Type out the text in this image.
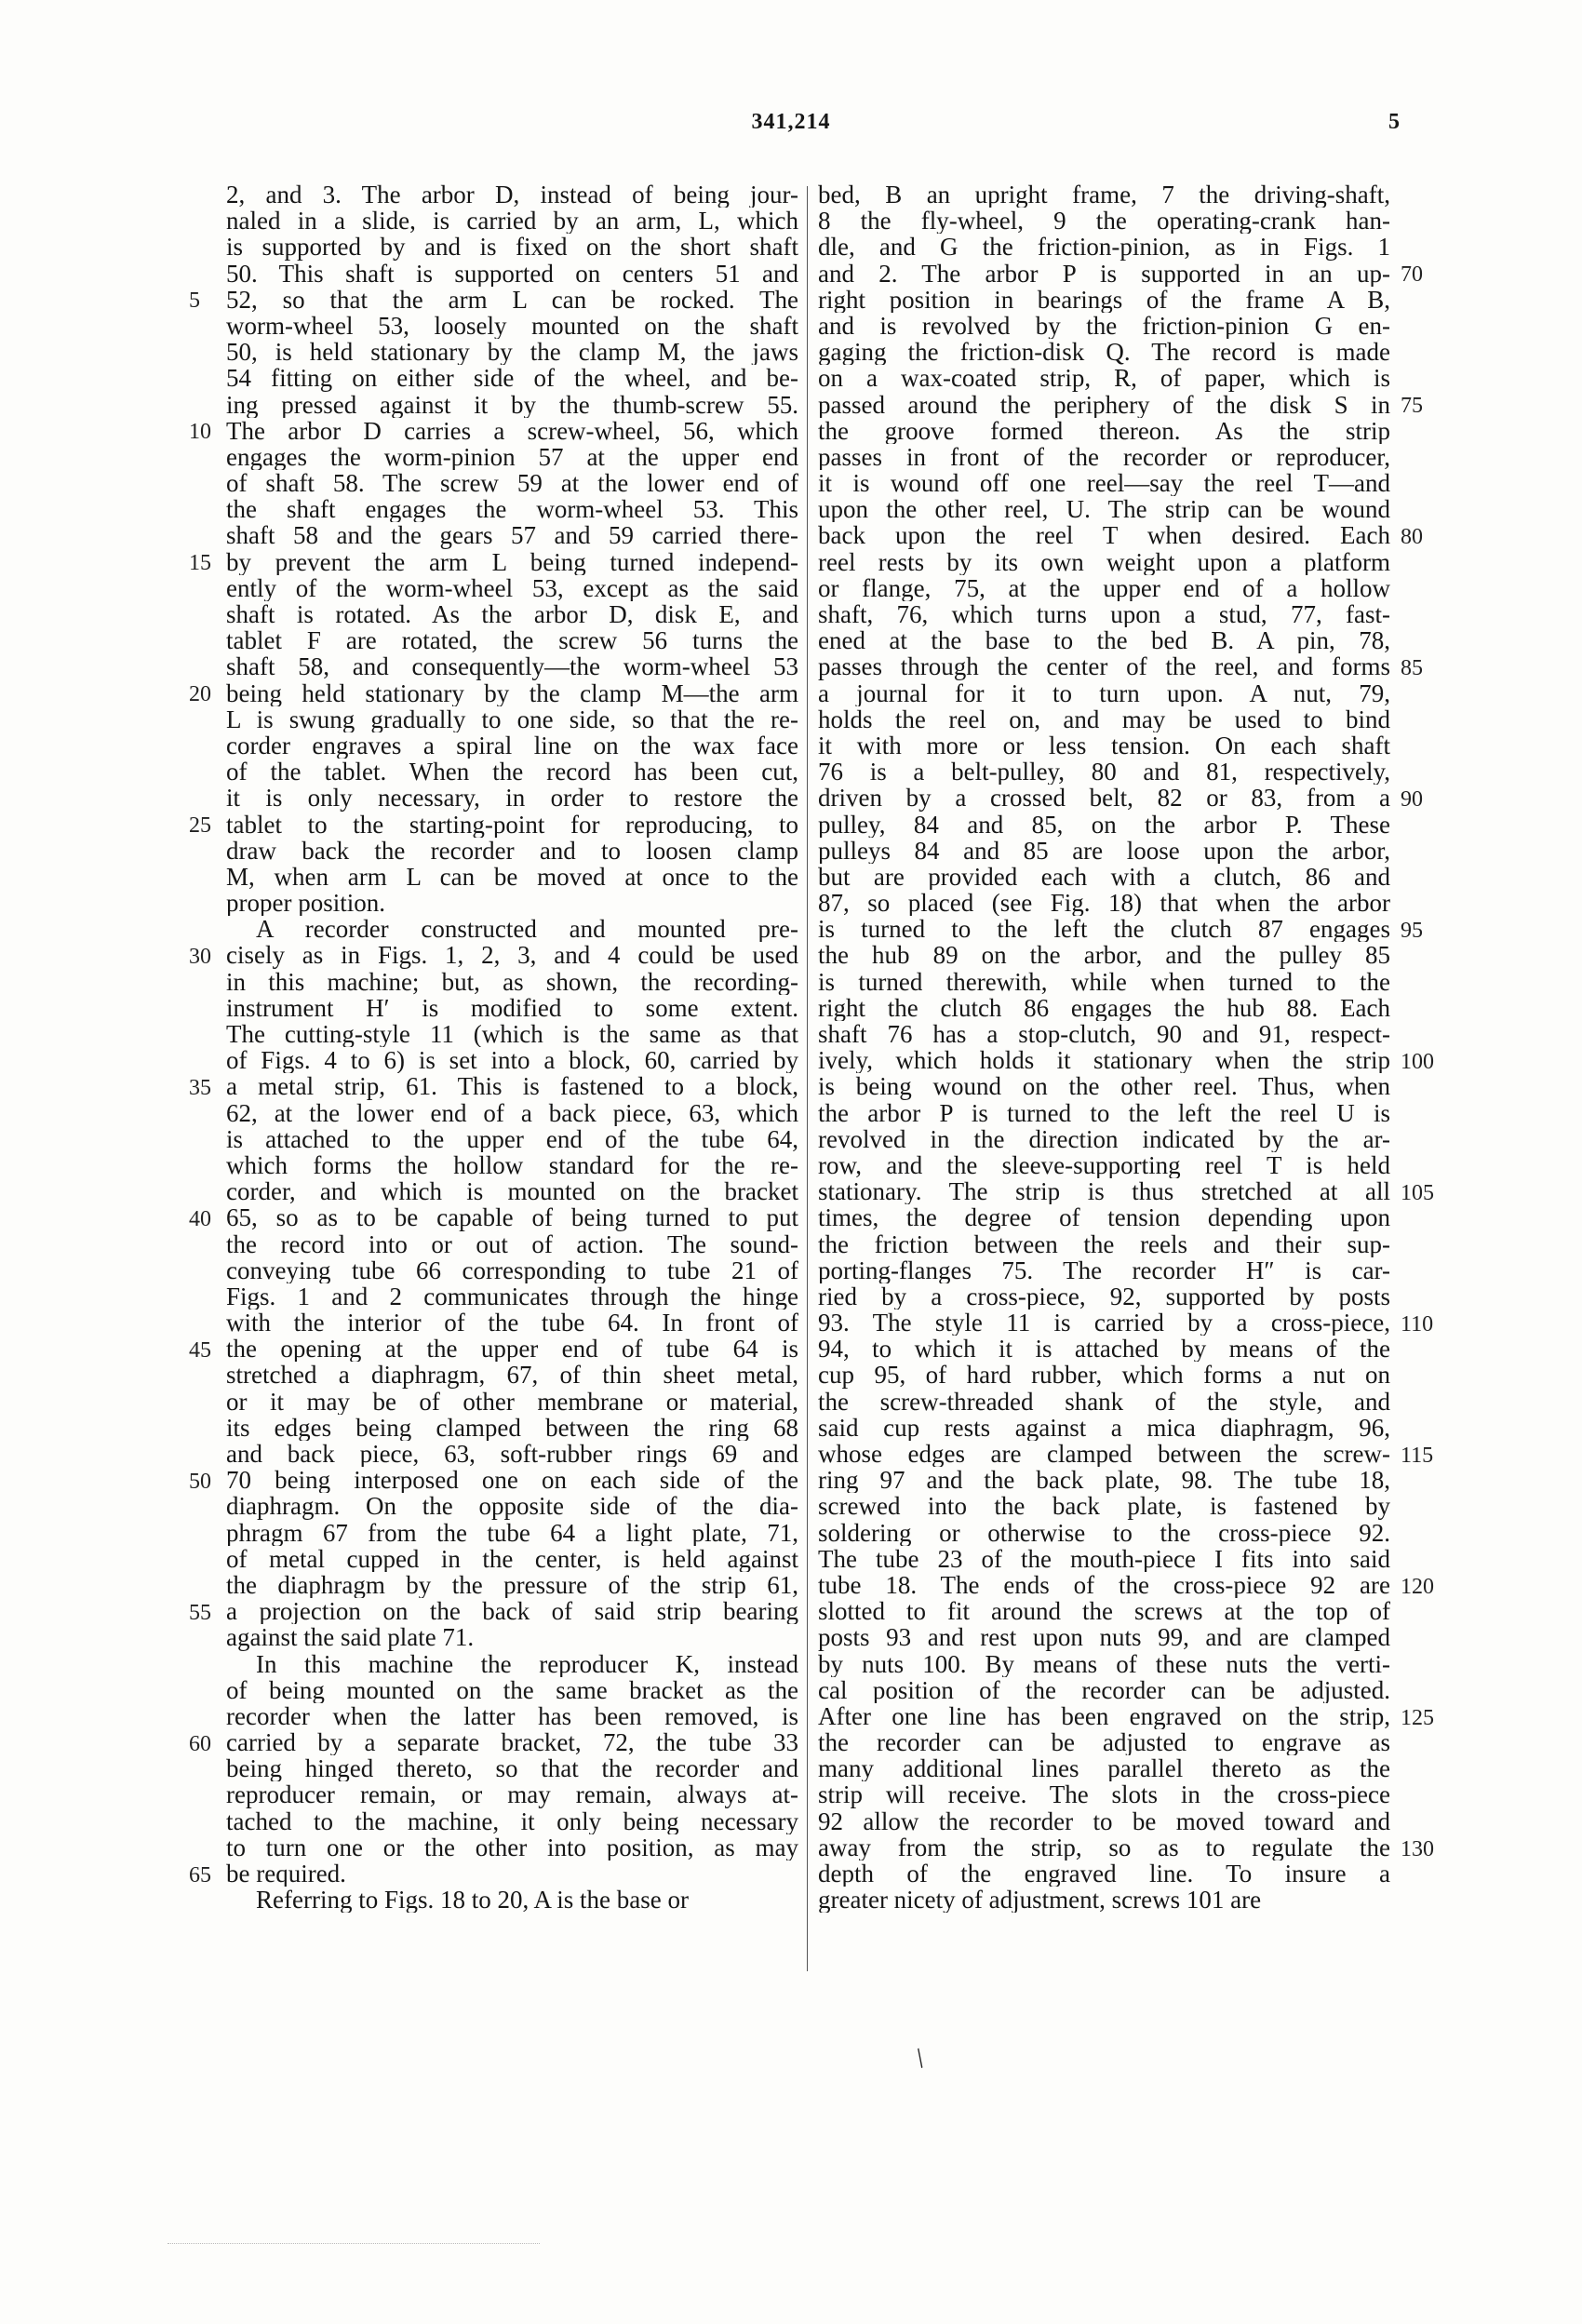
341,214	5
2, and 3. The arbor D, instead of being jour-
naled in a slide, is carried by an arm, L, which
is supported by and is fixed on the short shaft
50. This shaft is supported on centers 51 and
52, so that the arm L can be rocked. The
worm-wheel 53, loosely mounted on the shaft
50, is held stationary by the clamp M, the jaws
54 fitting on either side of the wheel, and be-
ing pressed against it by the thumb-screw 55.
The arbor D carries a screw-wheel, 56, which
engages the worm-pinion 57 at the upper end
of shaft 58. The screw 59 at the lower end of
the shaft engages the worm-wheel 53. This
shaft 58 and the gears 57 and 59 carried there-
by prevent the arm L being turned independ-
ently of the worm-wheel 53, except as the said
shaft is rotated. As the arbor D, disk E, and
tablet F are rotated, the screw 56 turns the
shaft 58, and consequently—the worm-wheel 53
being held stationary by the clamp M—the arm
L is swung gradually to one side, so that the re-
corder engraves a spiral line on the wax face
of the tablet. When the record has been cut,
it is only necessary, in order to restore the
tablet to the starting-point for reproducing, to
draw back the recorder and to loosen clamp
M, when arm L can be moved at once to the
proper position.
A recorder constructed and mounted pre-
cisely as in Figs. 1, 2, 3, and 4 could be used
in this machine; but, as shown, the recording-
instrument H′ is modified to some extent.
The cutting-style 11 (which is the same as that
of Figs. 4 to 6) is set into a block, 60, carried by
a metal strip, 61. This is fastened to a block,
62, at the lower end of a back piece, 63, which
is attached to the upper end of the tube 64,
which forms the hollow standard for the re-
corder, and which is mounted on the bracket
65, so as to be capable of being turned to put
the record into or out of action. The sound-
conveying tube 66 corresponding to tube 21 of
Figs. 1 and 2 communicates through the hinge
with the interior of the tube 64. In front of
the opening at the upper end of tube 64 is
stretched a diaphragm, 67, of thin sheet metal,
or it may be of other membrane or material,
its edges being clamped between the ring 68
and back piece, 63, soft-rubber rings 69 and
70 being interposed one on each side of the
diaphragm. On the opposite side of the dia-
phragm 67 from the tube 64 a light plate, 71,
of metal cupped in the center, is held against
the diaphragm by the pressure of the strip 61,
a projection on the back of said strip bearing
against the said plate 71.
In this machine the reproducer K, instead
of being mounted on the same bracket as the
recorder when the latter has been removed, is
carried by a separate bracket, 72, the tube 33
being hinged thereto, so that the recorder and
reproducer remain, or may remain, always at-
tached to the machine, it only being necessary
to turn one or the other into position, as may
be required.
Referring to Figs. 18 to 20, A is the base or
bed, B an upright frame, 7 the driving-shaft,
8 the fly-wheel, 9 the operating-crank han-
dle, and G the friction-pinion, as in Figs. 1
and 2. The arbor P is supported in an up-
right position in bearings of the frame A B,
and is revolved by the friction-pinion G en-
gaging the friction-disk Q. The record is made
on a wax-coated strip, R, of paper, which is
passed around the periphery of the disk S in
the groove formed thereon. As the strip
passes in front of the recorder or reproducer,
it is wound off one reel—say the reel T—and
upon the other reel, U. The strip can be wound
back upon the reel T when desired. Each
reel rests by its own weight upon a platform
or flange, 75, at the upper end of a hollow
shaft, 76, which turns upon a stud, 77, fast-
ened at the base to the bed B. A pin, 78,
passes through the center of the reel, and forms
a journal for it to turn upon. A nut, 79,
holds the reel on, and may be used to bind
it with more or less tension. On each shaft
76 is a belt-pulley, 80 and 81, respectively,
driven by a crossed belt, 82 or 83, from a
pulley, 84 and 85, on the arbor P. These
pulleys 84 and 85 are loose upon the arbor,
but are provided each with a clutch, 86 and
87, so placed (see Fig. 18) that when the arbor
is turned to the left the clutch 87 engages
the hub 89 on the arbor, and the pulley 85
is turned therewith, while when turned to the
right the clutch 86 engages the hub 88. Each
shaft 76 has a stop-clutch, 90 and 91, respect-
ively, which holds it stationary when the strip
is being wound on the other reel. Thus, when
the arbor P is turned to the left the reel U is
revolved in the direction indicated by the ar-
row, and the sleeve-supporting reel T is held
stationary. The strip is thus stretched at all
times, the degree of tension depending upon
the friction between the reels and their sup-
porting-flanges 75. The recorder H″ is car-
ried by a cross-piece, 92, supported by posts
93. The style 11 is carried by a cross-piece,
94, to which it is attached by means of the
cup 95, of hard rubber, which forms a nut on
the screw-threaded shank of the style, and
said cup rests against a mica diaphragm, 96,
whose edges are clamped between the screw-
ring 97 and the back plate, 98. The tube 18,
screwed into the back plate, is fastened by
soldering or otherwise to the cross-piece 92.
The tube 23 of the mouth-piece I fits into said
tube 18. The ends of the cross-piece 92 are
slotted to fit around the screws at the top of
posts 93 and rest upon nuts 99, and are clamped
by nuts 100. By means of these nuts the verti-
cal position of the recorder can be adjusted.
After one line has been engraved on the strip,
the recorder can be adjusted to engrave as
many additional lines parallel thereto as the
strip will receive. The slots in the cross-piece
92 allow the recorder to be moved toward and
away from the strip, so as to regulate the
depth of the engraved line. To insure a
greater nicety of adjustment, screws 101 are
5
10
15
20
25
30
35
40
45
50
55
60
65
70
75
80
85
90
95
100
105
110
115
120
125
130
/
